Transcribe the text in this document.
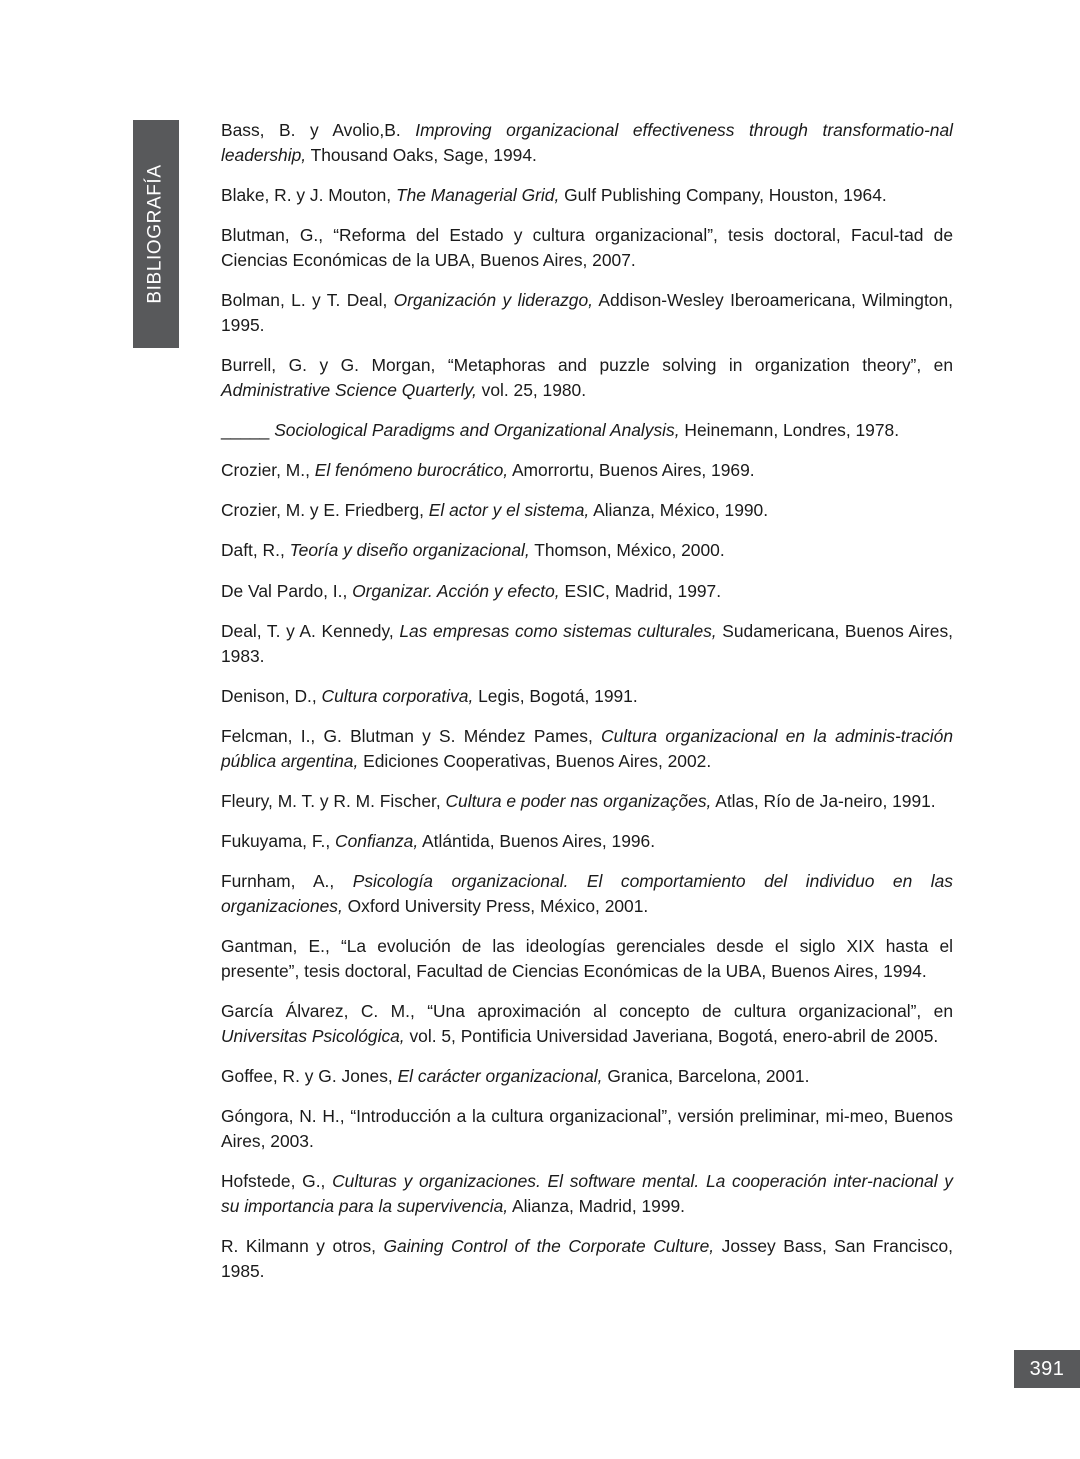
BIBLIOGRAFÍA

Bass, B. y Avolio,B. Improving organizacional effectiveness through transformatio-nal leadership, Thousand Oaks, Sage, 1994.

Blake, R. y J. Mouton, The Managerial Grid, Gulf Publishing Company, Houston, 1964.

Blutman, G., “Reforma del Estado y cultura organizacional”, tesis doctoral, Facul-tad de Ciencias Económicas de la UBA, Buenos Aires, 2007.

Bolman, L. y T. Deal, Organización y liderazgo, Addison-Wesley Iberoamericana, Wilmington, 1995.

Burrell, G. y G. Morgan, “Metaphoras and puzzle solving in organization theory”, en Administrative Science Quarterly, vol. 25, 1980.

_____ Sociological Paradigms and Organizational Analysis, Heinemann, Londres, 1978.

Crozier, M., El fenómeno burocrático, Amorrortu, Buenos Aires, 1969.

Crozier, M. y E. Friedberg, El actor y el sistema, Alianza, México, 1990.

Daft, R., Teoría y diseño organizacional, Thomson, México, 2000.

De Val Pardo, I., Organizar. Acción y efecto, ESIC, Madrid, 1997.

Deal, T. y A. Kennedy, Las empresas como sistemas culturales, Sudamericana, Buenos Aires, 1983.

Denison, D., Cultura corporativa, Legis, Bogotá, 1991.

Felcman, I., G. Blutman y S. Méndez Pames, Cultura organizacional en la adminis-tración pública argentina, Ediciones Cooperativas, Buenos Aires, 2002.

Fleury, M. T. y R. M. Fischer, Cultura e poder nas organizações, Atlas, Río de Ja-neiro, 1991.

Fukuyama, F., Confianza, Atlántida, Buenos Aires, 1996.

Furnham, A., Psicología organizacional. El comportamiento del individuo en las organizaciones, Oxford University Press, México, 2001.

Gantman, E., “La evolución de las ideologías gerenciales desde el siglo XIX hasta el presente”, tesis doctoral, Facultad de Ciencias Económicas de la UBA, Buenos Aires, 1994.

García Álvarez, C. M., “Una aproximación al concepto de cultura organizacional”, en Universitas Psicológica, vol. 5, Pontificia Universidad Javeriana, Bogotá, enero-abril de 2005.

Goffee, R. y G. Jones, El carácter organizacional, Granica, Barcelona, 2001.

Góngora, N. H., “Introducción a la cultura organizacional”, versión preliminar, mi-meo, Buenos Aires, 2003.

Hofstede, G., Culturas y organizaciones. El software mental. La cooperación inter-nacional y su importancia para la supervivencia, Alianza, Madrid, 1999.

R. Kilmann y otros, Gaining Control of the Corporate Culture, Jossey Bass, San Francisco, 1985.

391
